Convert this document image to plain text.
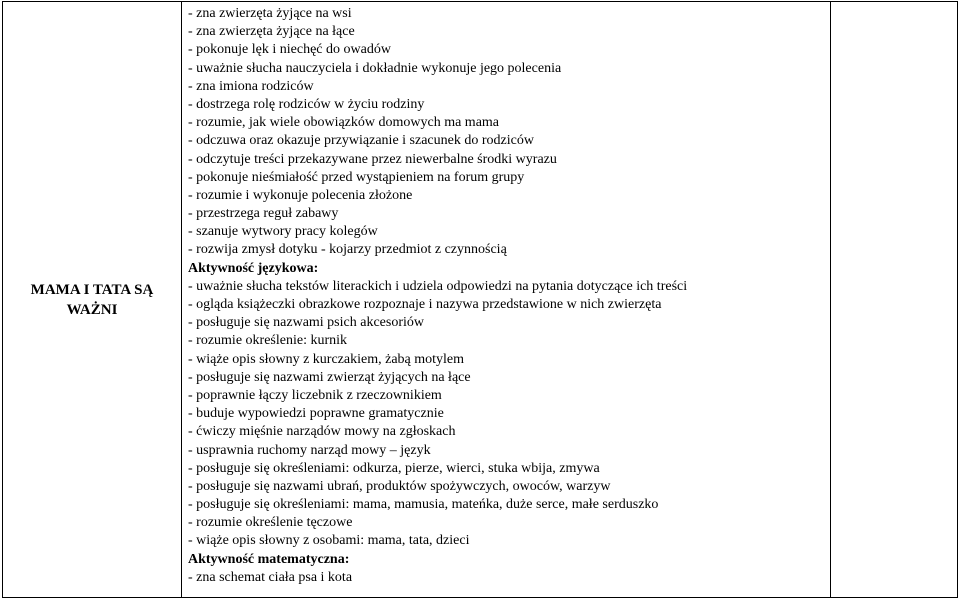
MAMA I TATA SĄ WAŻNI
- zna zwierzęta żyjące na wsi
- zna zwierzęta żyjące na łące
- pokonuje lęk i niechęć do owadów
- uważnie słucha nauczyciela i dokładnie wykonuje jego polecenia
- zna imiona rodziców
- dostrzega rolę rodziców w życiu rodziny
- rozumie, jak wiele obowiązków domowych ma mama
- odczuwa oraz okazuje przywiązanie i szacunek do rodziców
- odczytuje treści przekazywane przez niewerbalne środki wyrazu
- pokonuje nieśmiałość przed wystąpieniem na forum grupy
- rozumie i wykonuje polecenia złożone
- przestrzega reguł zabawy
- szanuje wytwory pracy kolegów
- rozwija zmysł dotyku - kojarzy przedmiot z czynnością
Aktywność językowa:
- uważnie słucha tekstów literackich i udziela odpowiedzi na pytania dotyczące ich treści
- ogląda książeczki obrazkowe rozpoznaje i nazywa przedstawione w nich zwierzęta
- posługuje się nazwami psich akcesoriów
- rozumie określenie: kurnik
- wiąże opis słowny z kurczakiem, żabą motylem
- posługuje się nazwami zwierząt żyjących na łące
- poprawnie łączy liczebnik z rzeczownikiem
- buduje wypowiedzi poprawne gramatycznie
- ćwiczy mięśnie narządów mowy na zgłoskach
- usprawnia ruchomy narząd mowy – język
- posługuje się określeniami: odkurza, pierze, wierci, stuka wbija, zmywa
- posługuje się nazwami ubrań, produktów spożywczych, owoców, warzyw
- posługuje się określeniami: mama, mamusia, mateńka, duże serce, małe serduszko
- rozumie określenie tęczowe
- wiąże opis słowny z osobami: mama, tata, dzieci
Aktywność matematyczna:
- zna schemat ciała psa i kota
